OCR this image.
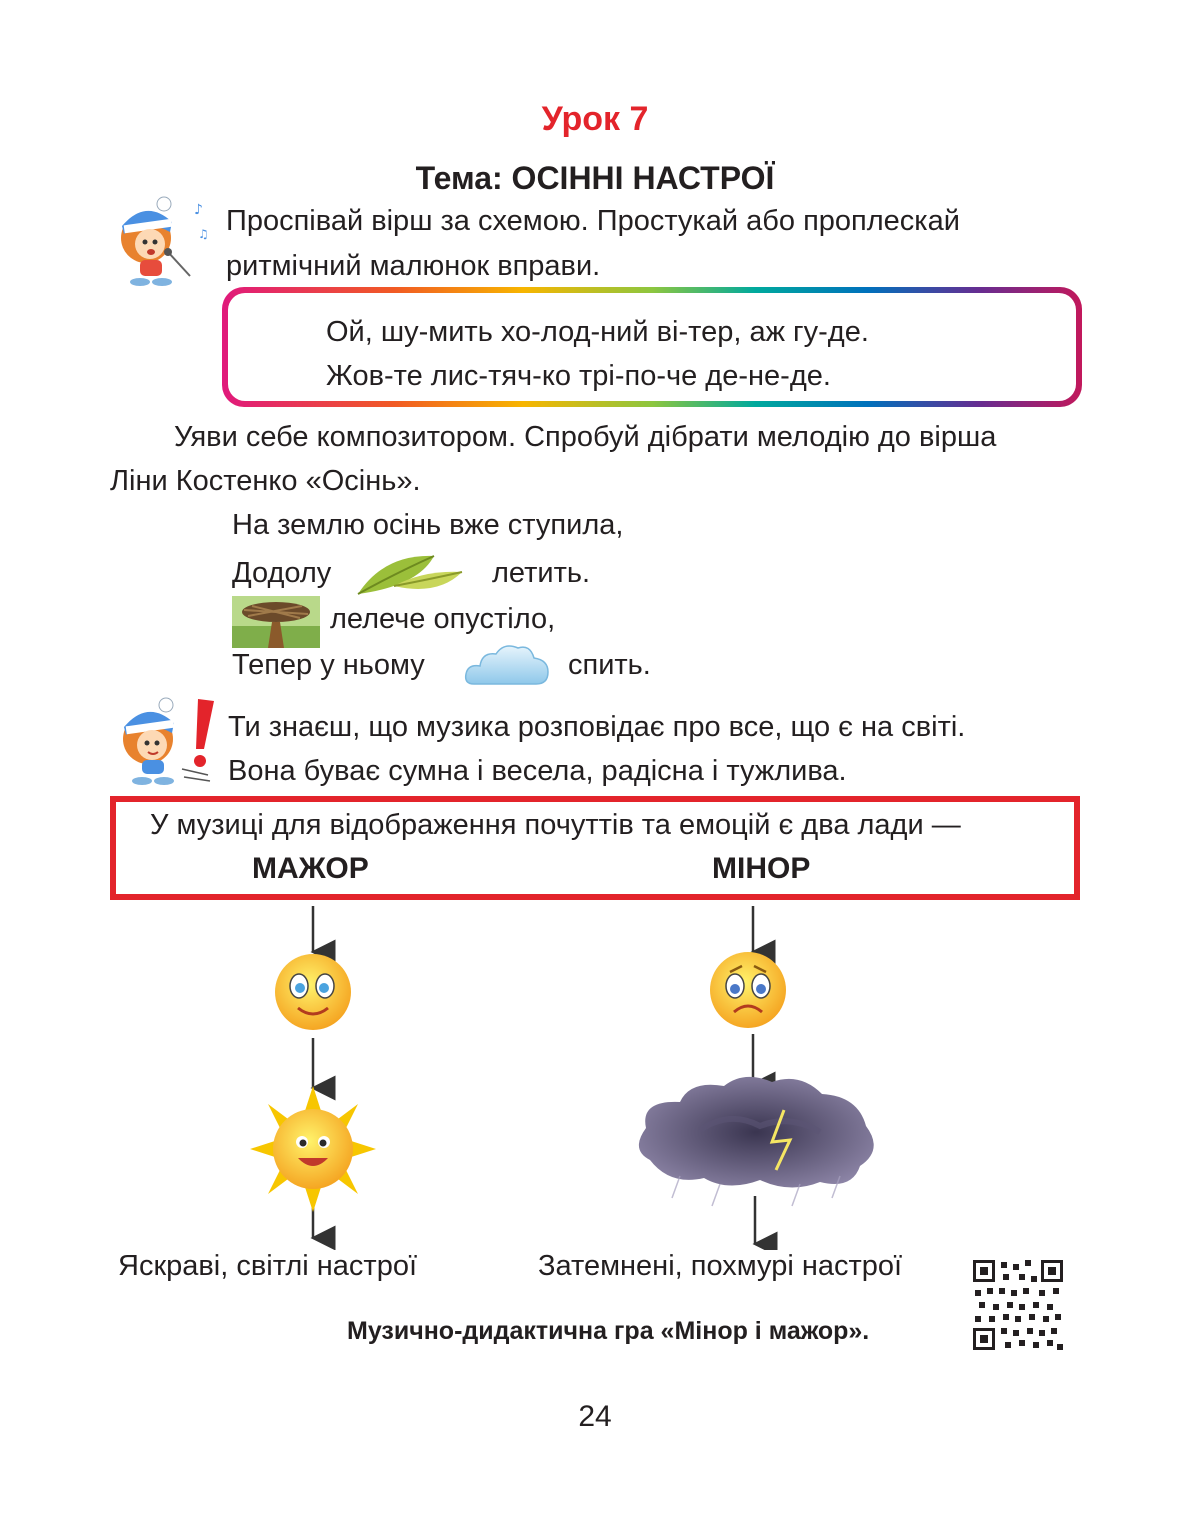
Урок 7
Тема: ОСІННІ НАСТРОЇ
♪
♫ Проспівай вірш за схемою. Простукай або проплескай
ритмічний малюнок вправи.
Ой, шу-мить хо-лод-ний ві-тер, аж гу-де.
Жов-те лис-тяч-ко трі-по-че де-не-де.
Уяви себе композитором. Спробуй дібрати мелодію до вірша
Ліни Костенко «Осінь».
На землю осінь вже ступила,
Додолу	летить.
лелече опустіло,
Тепер у ньому	спить.
Ти знаєш, що музика розповідає про все, що є на світі.
Вона буває сумна і весела, радісна і тужлива.
У музиці для відображення почуттів та емоцій є два лади —
МАЖОР	МІНОР
Яскраві, світлі настрої	Затемнені, похмурі настрої
Музично-дидактична гра «Мінор і мажор».
24
